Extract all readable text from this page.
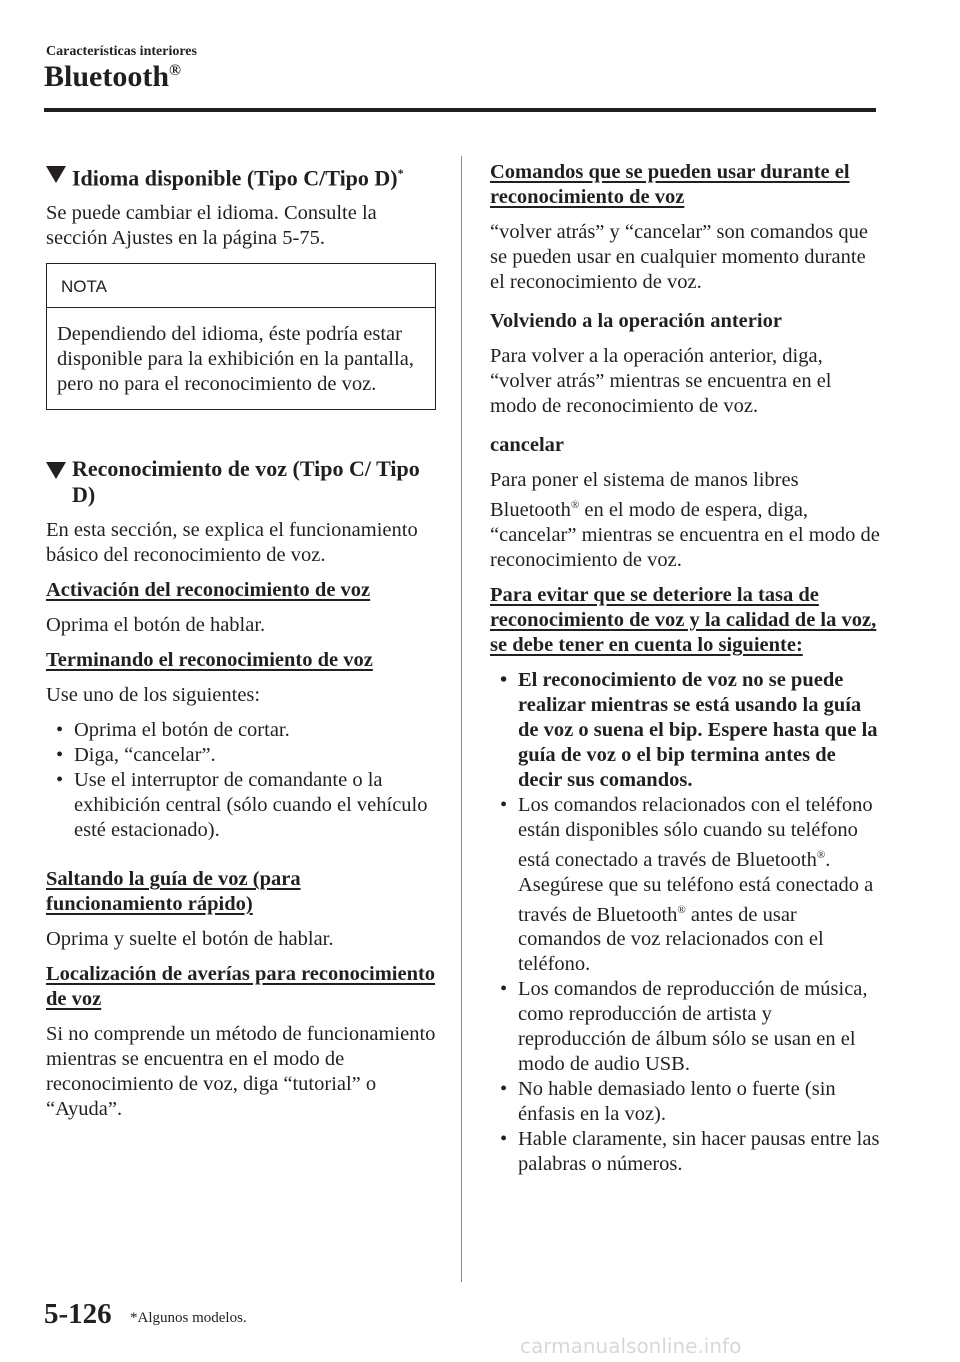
Características interiores
Bluetooth®
Idioma disponible (Tipo C/Tipo D)*

Se puede cambiar el idioma. Consulte la sección Ajustes en la página 5-75.

NOTA
Dependiendo del idioma, éste podría estar disponible para la exhibición en la pantalla, pero no para el reconocimiento de voz.
Reconocimiento de voz (Tipo C/ Tipo D)

En esta sección, se explica el funcionamiento básico del reconocimiento de voz.

Activación del reconocimiento de voz

Oprima el botón de hablar.

Terminando el reconocimiento de voz

Use uno de los siguientes:

• Oprima el botón de cortar.
• Diga, “cancelar”.
• Use el interruptor de comandante o la exhibición central (sólo cuando el vehículo esté estacionado).
Saltando la guía de voz (para funcionamiento rápido)

Oprima y suelte el botón de hablar.

Localización de averías para reconocimiento de voz

Si no comprende un método de funcionamiento mientras se encuentra en el modo de reconocimiento de voz, diga “tutorial” o “Ayuda”.

Comandos que se pueden usar durante el reconocimiento de voz

“volver atrás” y “cancelar” son comandos que se pueden usar en cualquier momento durante el reconocimiento de voz.

Volviendo a la operación anterior

Para volver a la operación anterior, diga, “volver atrás” mientras se encuentra en el modo de reconocimiento de voz.

cancelar

Para poner el sistema de manos libres Bluetooth® en el modo de espera, diga, “cancelar” mientras se encuentra en el modo de reconocimiento de voz.

Para evitar que se deteriore la tasa de reconocimiento de voz y la calidad de la voz, se debe tener en cuenta lo siguiente:
• El reconocimiento de voz no se puede realizar mientras se está usando la guía de voz o suena el bip. Espere hasta que la guía de voz o el bip termina antes de decir sus comandos.
• Los comandos relacionados con el teléfono están disponibles sólo cuando su teléfono está conectado a través de Bluetooth®. Asegúrese que su teléfono está conectado a través de Bluetooth® antes de usar comandos de voz relacionados con el teléfono.
• Los comandos de reproducción de música, como reproducción de artista y reproducción de álbum sólo se usan en el modo de audio USB.
• No hable demasiado lento o fuerte (sin énfasis en la voz).
• Hable claramente, sin hacer pausas entre las palabras o números.
5-126 *Algunos modelos.
carmanualsonline.info
